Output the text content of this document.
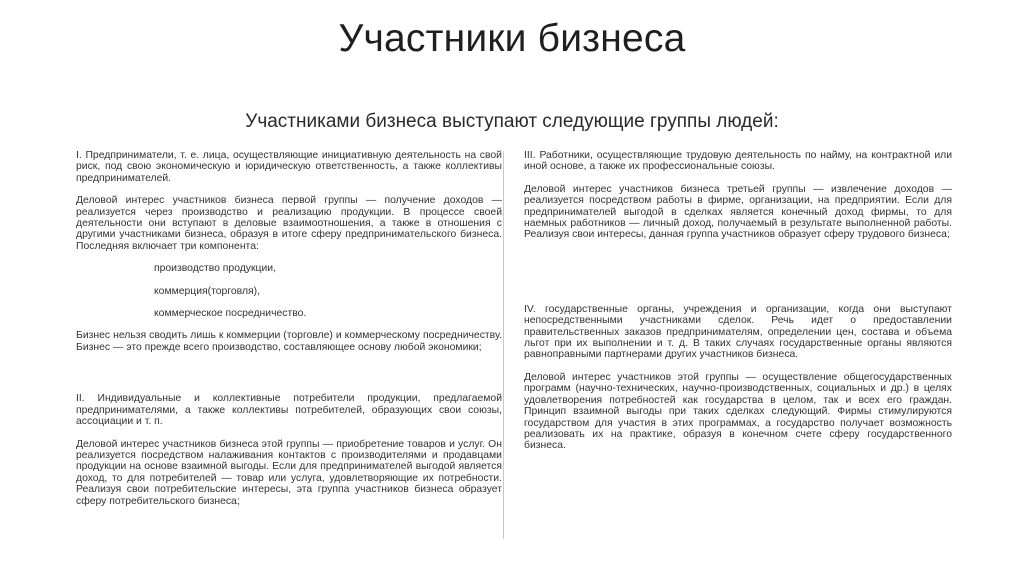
Участники бизнеса
Участниками бизнеса выступают следующие группы людей:

I. Предприниматели, т. е. лица, осуществляющие инициативную деятельность на свой риск, под свою экономическую и юридическую ответственность, а также коллективы предпринимателей.

Деловой интерес участников бизнеса первой группы — получение доходов — реализуется через производство и реализацию продукции. В процессе своей деятельности они вступают в деловые взаимоотношения, а также в отношения с другими участниками бизнеса, образуя в итоге сферу предпринимательского бизнеса. Последняя включает три компонента:

производство продукции,

коммерция(торговля),

коммерческое посредничество.

Бизнес нельзя сводить лишь к коммерции (торговле) и коммерческому посредничеству. Бизнес — это прежде всего производство, составляющее основу любой экономики;

II. Индивидуальные и коллективные потребители продукции, предлагаемой предпринимателями, а также коллективы потребителей, образующих свои союзы, ассоциации и т. п.

Деловой интерес участников бизнеса этой группы — приобретение товаров и услуг. Он реализуется посредством налаживания контактов с производителями и продавцами продукции на основе взаимной выгоды. Если для предпринимателей выгодой является доход, то для потребителей — товар или услуга, удовлетворяющие их потребности. Реализуя свои потребительские интересы, эта группа участников бизнеса образует сферу потребительского бизнеса;

III. Работники, осуществляющие трудовую деятельность по найму, на контрактной или иной основе, а также их профессиональные союзы.

Деловой интерес участников бизнеса третьей группы — извлечение доходов — реализуется посредством работы в фирме, организации, на предприятии. Если для предпринимателей выгодой в сделках является конечный доход фирмы, то для наемных работников — личный доход, получаемый в результате выполненной работы. Реализуя свои интересы, данная группа участников образует сферу трудового бизнеса;

IV. государственные органы, учреждения и организации, когда они выступают непосредственными участниками сделок. Речь идет о предоставлении правительственных заказов предпринимателям, определении цен, состава и объема льгот при их выполнении и т. д. В таких случаях государственные органы являются равноправными партнерами других участников бизнеса.

Деловой интерес участников этой группы — осуществление общегосударственных программ (научно-технических, научно-производственных, социальных и др.) в целях удовлетворения потребностей как государства в целом, так и всех его граждан. Принцип взаимной выгоды при таких сделках следующий. Фирмы стимулируются государством для участия в этих программах, а государство получает возможность реализовать их на практике, образуя в конечном счете сферу государственного бизнеса.
